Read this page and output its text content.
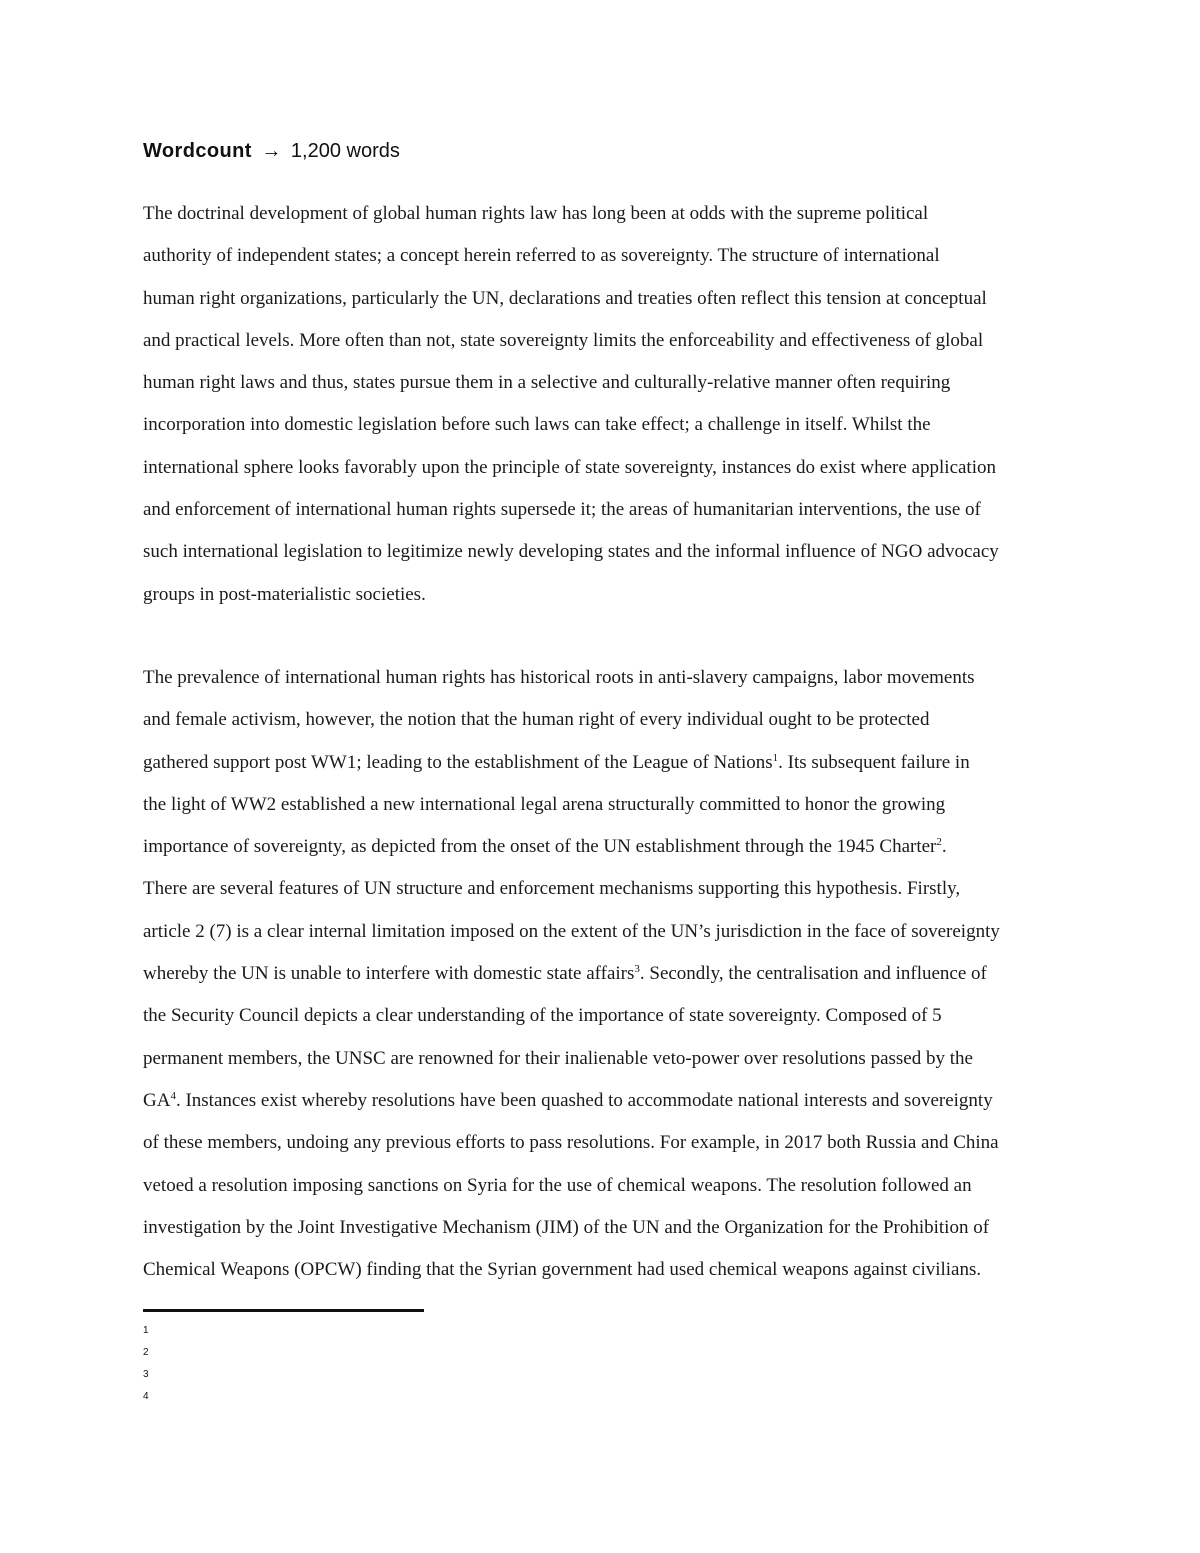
Wordcount → 1,200 words

The doctrinal development of global human rights law has long been at odds with the supreme political
authority of independent states; a concept herein referred to as sovereignty. The structure of international
human right organizations, particularly the UN, declarations and treaties often reflect this tension at conceptual
and practical levels. More often than not, state sovereignty limits the enforceability and effectiveness of global
human right laws and thus, states pursue them in a selective and culturally-relative manner often requiring
incorporation into domestic legislation before such laws can take effect; a challenge in itself. Whilst the
international sphere looks favorably upon the principle of state sovereignty, instances do exist where application
and enforcement of international human rights supersede it; the areas of humanitarian interventions, the use of
such international legislation to legitimize newly developing states and the informal influence of NGO advocacy
groups in post-materialistic societies.

The prevalence of international human rights has historical roots in anti-slavery campaigns, labor movements
and female activism, however, the notion that the human right of every individual ought to be protected
gathered support post WW1; leading to the establishment of the League of Nations$^1$. Its subsequent failure in
the light of WW2 established a new international legal arena structurally committed to honor the growing
importance of sovereignty, as depicted from the onset of the UN establishment through the 1945 Charter$^2$.
There are several features of UN structure and enforcement mechanisms supporting this hypothesis. Firstly,
article 2 (7) is a clear internal limitation imposed on the extent of the UN’s jurisdiction in the face of sovereignty
whereby the UN is unable to interfere with domestic state affairs$^3$. Secondly, the centralisation and influence of
the Security Council depicts a clear understanding of the importance of state sovereignty. Composed of 5
permanent members, the UNSC are renowned for their inalienable veto-power over resolutions passed by the
$GA^4$. Instances exist whereby resolutions have been quashed to accommodate national interests and sovereignty
of these members, undoing any previous efforts to pass resolutions. For example, in 2017 both Russia and China
vetoed a resolution imposing sanctions on Syria for the use of chemical weapons. The resolution followed an
investigation by the Joint Investigative Mechanism (JIM) of the UN and the Organization for the Prohibition of
Chemical Weapons (OPCW) finding that the Syrian government had used chemical weapons against civilians.

1
2
3
4
